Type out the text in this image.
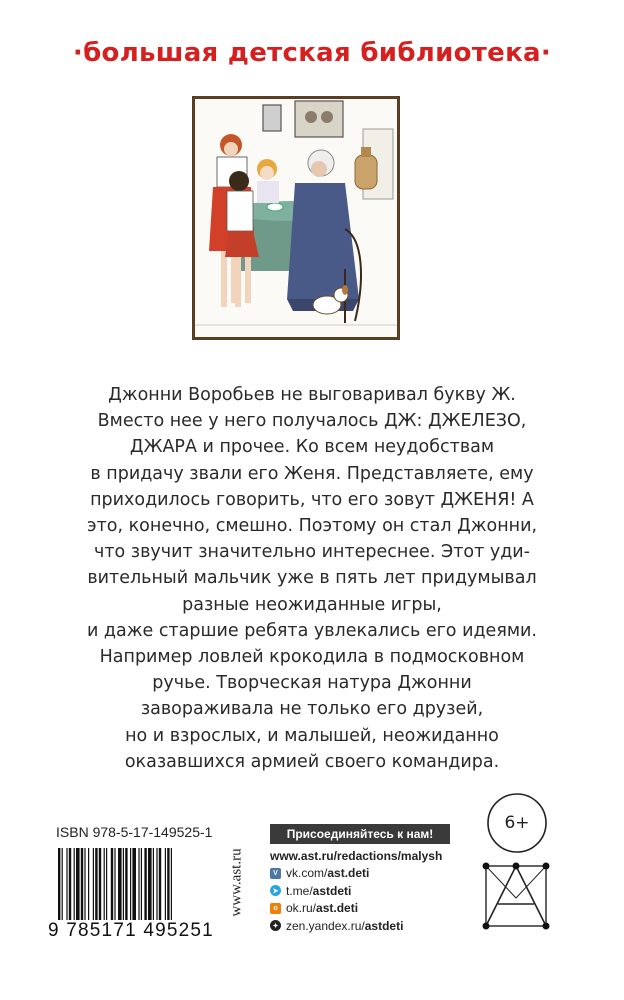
·большая детская библиотека·
Джонни Воробьев не выговаривал букву Ж.
Вместо нее у него получалось ДЖ: ДЖЕЛЕЗО,
ДЖАРА и прочее. Ко всем неудобствам
в придачу звали его Женя. Представляете, ему
приходилось говорить, что его зовут ДЖЕНЯ! А
это, конечно, смешно. Поэтому он стал Джонни,
что звучит значительно интереснее. Этот уди-
вительный мальчик уже в пять лет придумывал
разные неожиданные игры,
и даже старшие ребята увлекались его идеями.
Например ловлей крокодила в подмосковном
ручье. Творческая натура Джонни
завораживала не только его друзей,
но и взрослых, и малышей, неожиданно
оказавшихся армией своего командира.
ISBN 978-5-17-149525-1
9 785171 495251
www.ast.ru
Присоединяйтесь к нам!
www.ast.ru/redactions/malysh
V vk.com/ ast.deti
➤ t.me/ astdeti
o ok.ru/ ast.deti
✦ zen.yandex.ru/ astdeti
6+
